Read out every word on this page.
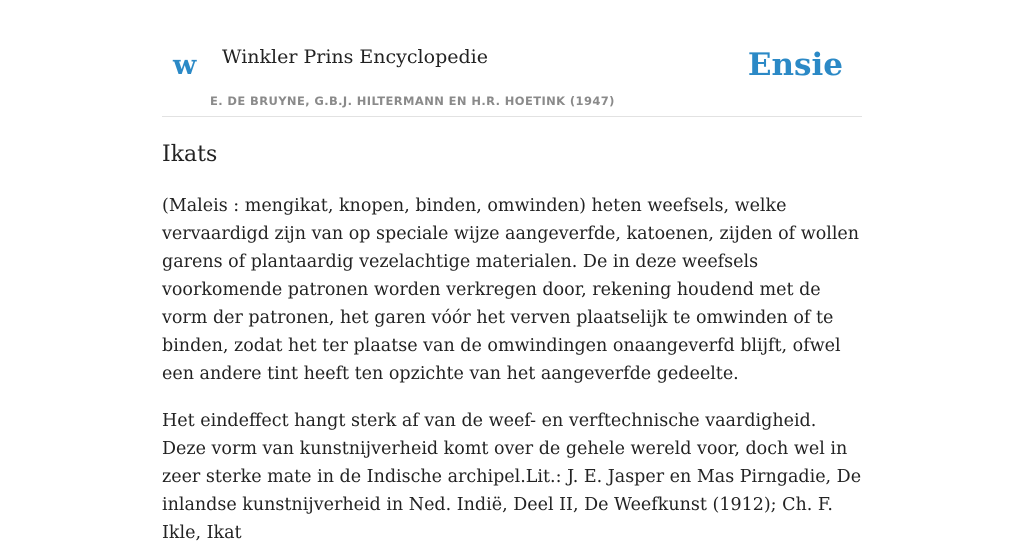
w Winkler Prins Encyclopedie
E. DE BRUYNE, G.B.J. HILTERMANN EN H.R. HOETINK (1947)
Ensie
Ikats

(Maleis : mengikat, knopen, binden, omwinden) heten weefsels, welke vervaardigd zijn van op speciale wijze aangeverfde, katoenen, zijden of wollen garens of plantaardig vezelachtige materialen. De in deze weefsels voorkomende patronen worden verkregen door, rekening houdend met de vorm der patronen, het garen vóór het verven plaatselijk te omwinden of te binden, zodat het ter plaatse van de omwindingen onaangeverfd blijft, ofwel een andere tint heeft ten opzichte van het aangeverfde gedeelte.

Het eindeffect hangt sterk af van de weef- en verftechnische vaardigheid. Deze vorm van kunstnijverheid komt over de gehele wereld voor, doch wel in zeer sterke mate in de Indische archipel.Lit.: J. E. Jasper en Mas Pirngadie, De inlandse kunstnijverheid in Ned. Indië, Deel II, De Weefkunst (1912); Ch. F. Ikle, Ikat
